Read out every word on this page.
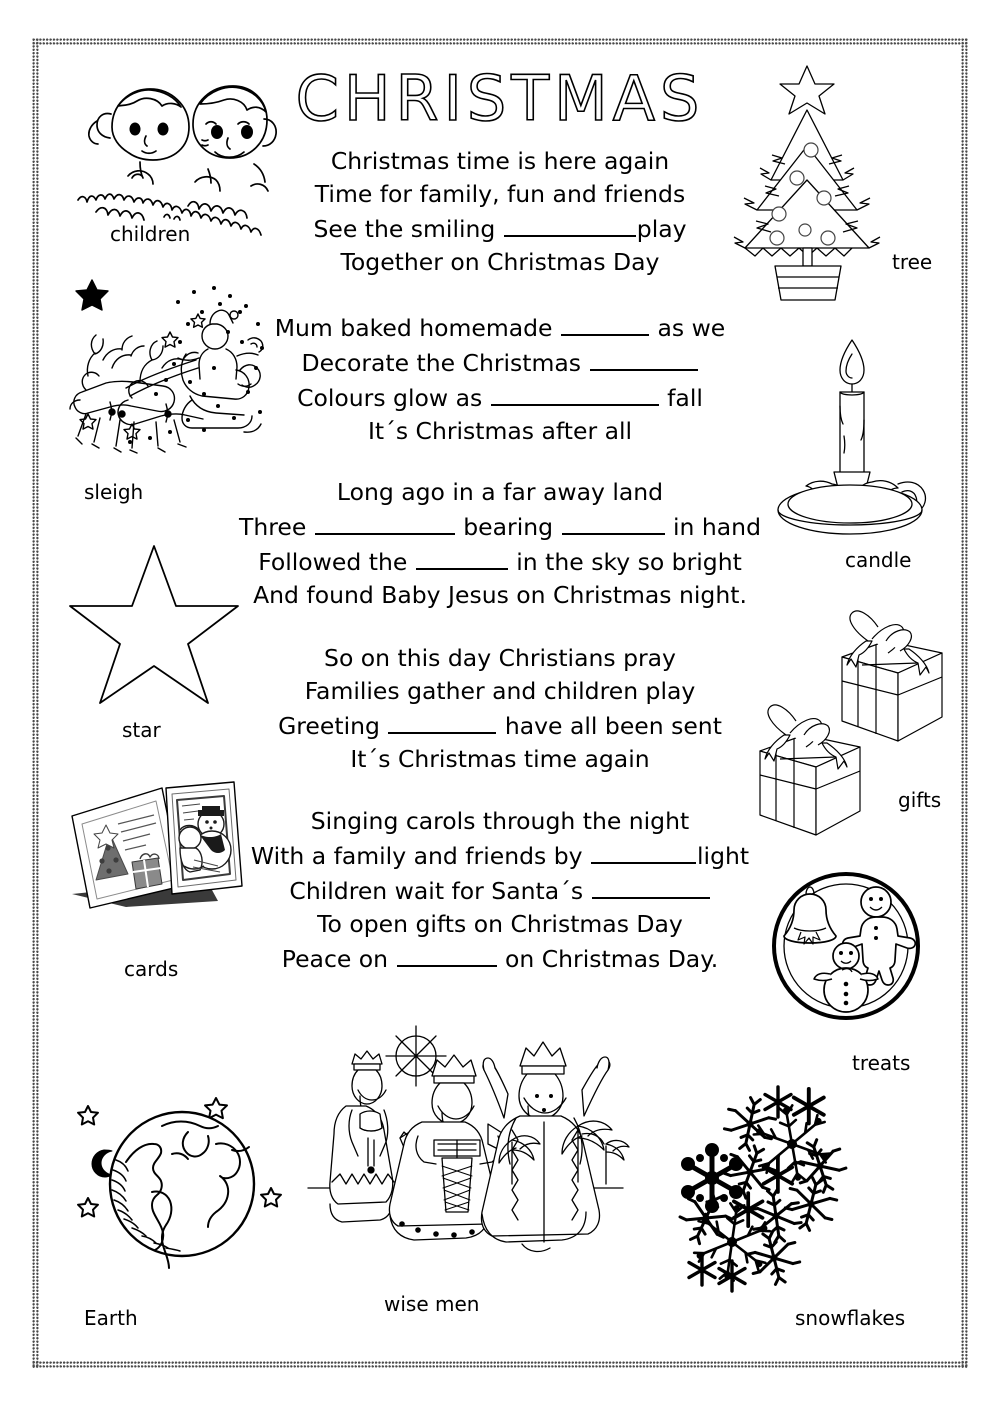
CHRISTMAS
children
sleigh
star
cards
Earth
tree
candle
gifts
treats
wise men
snowflakes
Christmas time is here again
Time for family, fun and friends
See the smiling	play
Together on Christmas Day
Mum baked homemade	as we
Decorate the Christmas
Colours glow as	fall
It´s Christmas after all
Long ago in a far away land
Three	bearing	in hand
Followed the	in the sky so bright
And found Baby Jesus on Christmas night.
So on this day Christians pray
Families gather and children play
Greeting	have all been sent
It´s Christmas time again
Singing carols through the night
With a family and friends by	light
Children wait for Santa´s
To open gifts on Christmas Day
Peace on	on Christmas Day.
